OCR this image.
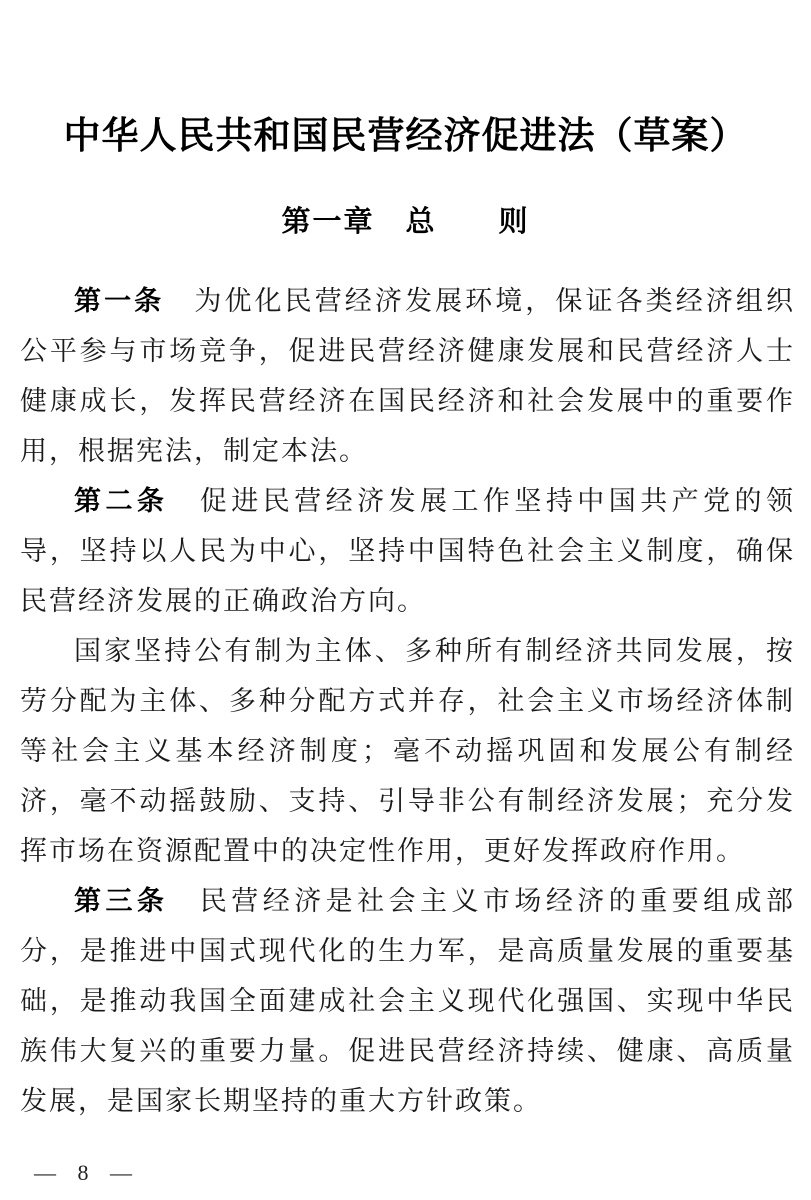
中华人民共和国民营经济促进法（草案）
第一章　总　　则

第一条　为优化民营经济发展环境，保证各类经济组织公平参与市场竞争，促进民营经济健康发展和民营经济人士健康成长，发挥民营经济在国民经济和社会发展中的重要作用，根据宪法，制定本法。

第二条　促进民营经济发展工作坚持中国共产党的领导，坚持以人民为中心，坚持中国特色社会主义制度，确保民营经济发展的正确政治方向。

国家坚持公有制为主体、多种所有制经济共同发展，按劳分配为主体、多种分配方式并存，社会主义市场经济体制等社会主义基本经济制度；毫不动摇巩固和发展公有制经济，毫不动摇鼓励、支持、引导非公有制经济发展；充分发挥市场在资源配置中的决定性作用，更好发挥政府作用。

第三条　民营经济是社会主义市场经济的重要组成部分，是推进中国式现代化的生力军，是高质量发展的重要基础，是推动我国全面建成社会主义现代化强国、实现中华民族伟大复兴的重要力量。促进民营经济持续、健康、高质量发展，是国家长期坚持的重大方针政策。

— 8 —
